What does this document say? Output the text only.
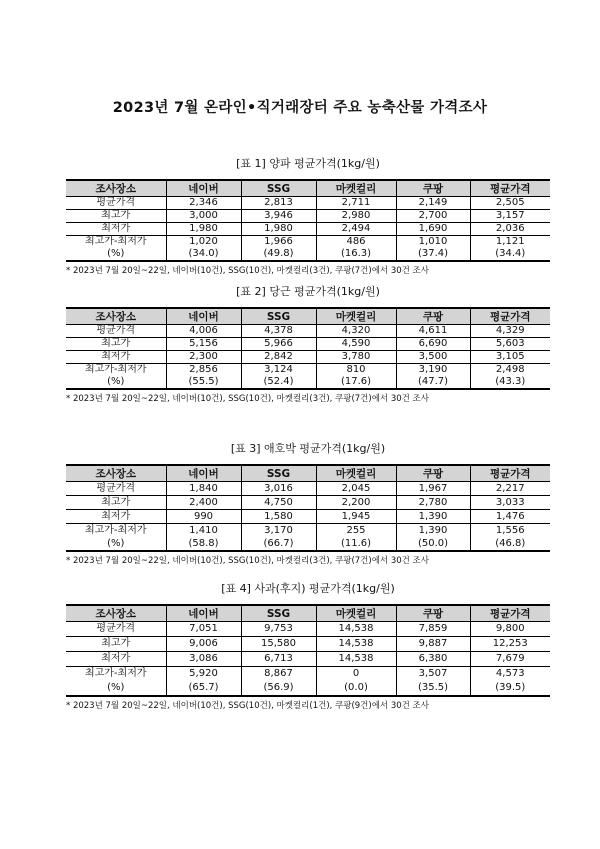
2023년 7월 온라인•직거래장터 주요 농축산물 가격조사
[표 1] 양파 평균가격(1kg/원)
조사장소	네이버	SSG	마켓컬리	쿠팡	평균가격
평균가격	2,346	2,813	2,711	2,149	2,505
최고가	3,000	3,946	2,980	2,700	3,157
최저가	1,980	1,980	2,494	1,690	2,036
최고가-최저가	1,020	1,966	486	1,010	1,121
(%)	(34.0)	(49.8)	(16.3)	(37.4)	(34.4)
* 2023년 7월 20일~22일, 네이버(10건), SSG(10건), 마켓컬리(3건), 쿠팡(7건)에서 30건 조사
[표 2] 당근 평균가격(1kg/원)
조사장소	네이버	SSG	마켓컬리	쿠팡	평균가격
평균가격	4,006	4,378	4,320	4,611	4,329
최고가	5,156	5,966	4,590	6,690	5,603
최저가	2,300	2,842	3,780	3,500	3,105
최고가-최저가	2,856	3,124	810	3,190	2,498
(%)	(55.5)	(52.4)	(17.6)	(47.7)	(43.3)
* 2023년 7월 20일~22일, 네이버(10건), SSG(10건), 마켓컬리(3건), 쿠팡(7건)에서 30건 조사
[표 3] 애호박 평균가격(1kg/원)
조사장소	네이버	SSG	마켓컬리	쿠팡	평균가격
평균가격	1,840	3,016	2,045	1,967	2,217
최고가	2,400	4,750	2,200	2,780	3,033
최저가	990	1,580	1,945	1,390	1,476
최고가-최저가	1,410	3,170	255	1,390	1,556
(%)	(58.8)	(66.7)	(11.6)	(50.0)	(46.8)
* 2023년 7월 20일~22일, 네이버(10건), SSG(10건), 마켓컬리(3건), 쿠팡(7건)에서 30건 조사
[표 4] 사과(후지) 평균가격(1kg/원)
조사장소	네이버	SSG	마켓컬리	쿠팡	평균가격
평균가격	7,051	9,753	14,538	7,859	9,800
최고가	9,006	15,580	14,538	9,887	12,253
최저가	3,086	6,713	14,538	6,380	7,679
최고가-최저가	5,920	8,867	0	3,507	4,573
(%)	(65.7)	(56.9)	(0.0)	(35.5)	(39.5)
* 2023년 7월 20일~22일, 네이버(10건), SSG(10건), 마켓컬리(1건), 쿠팡(9건)에서 30건 조사
